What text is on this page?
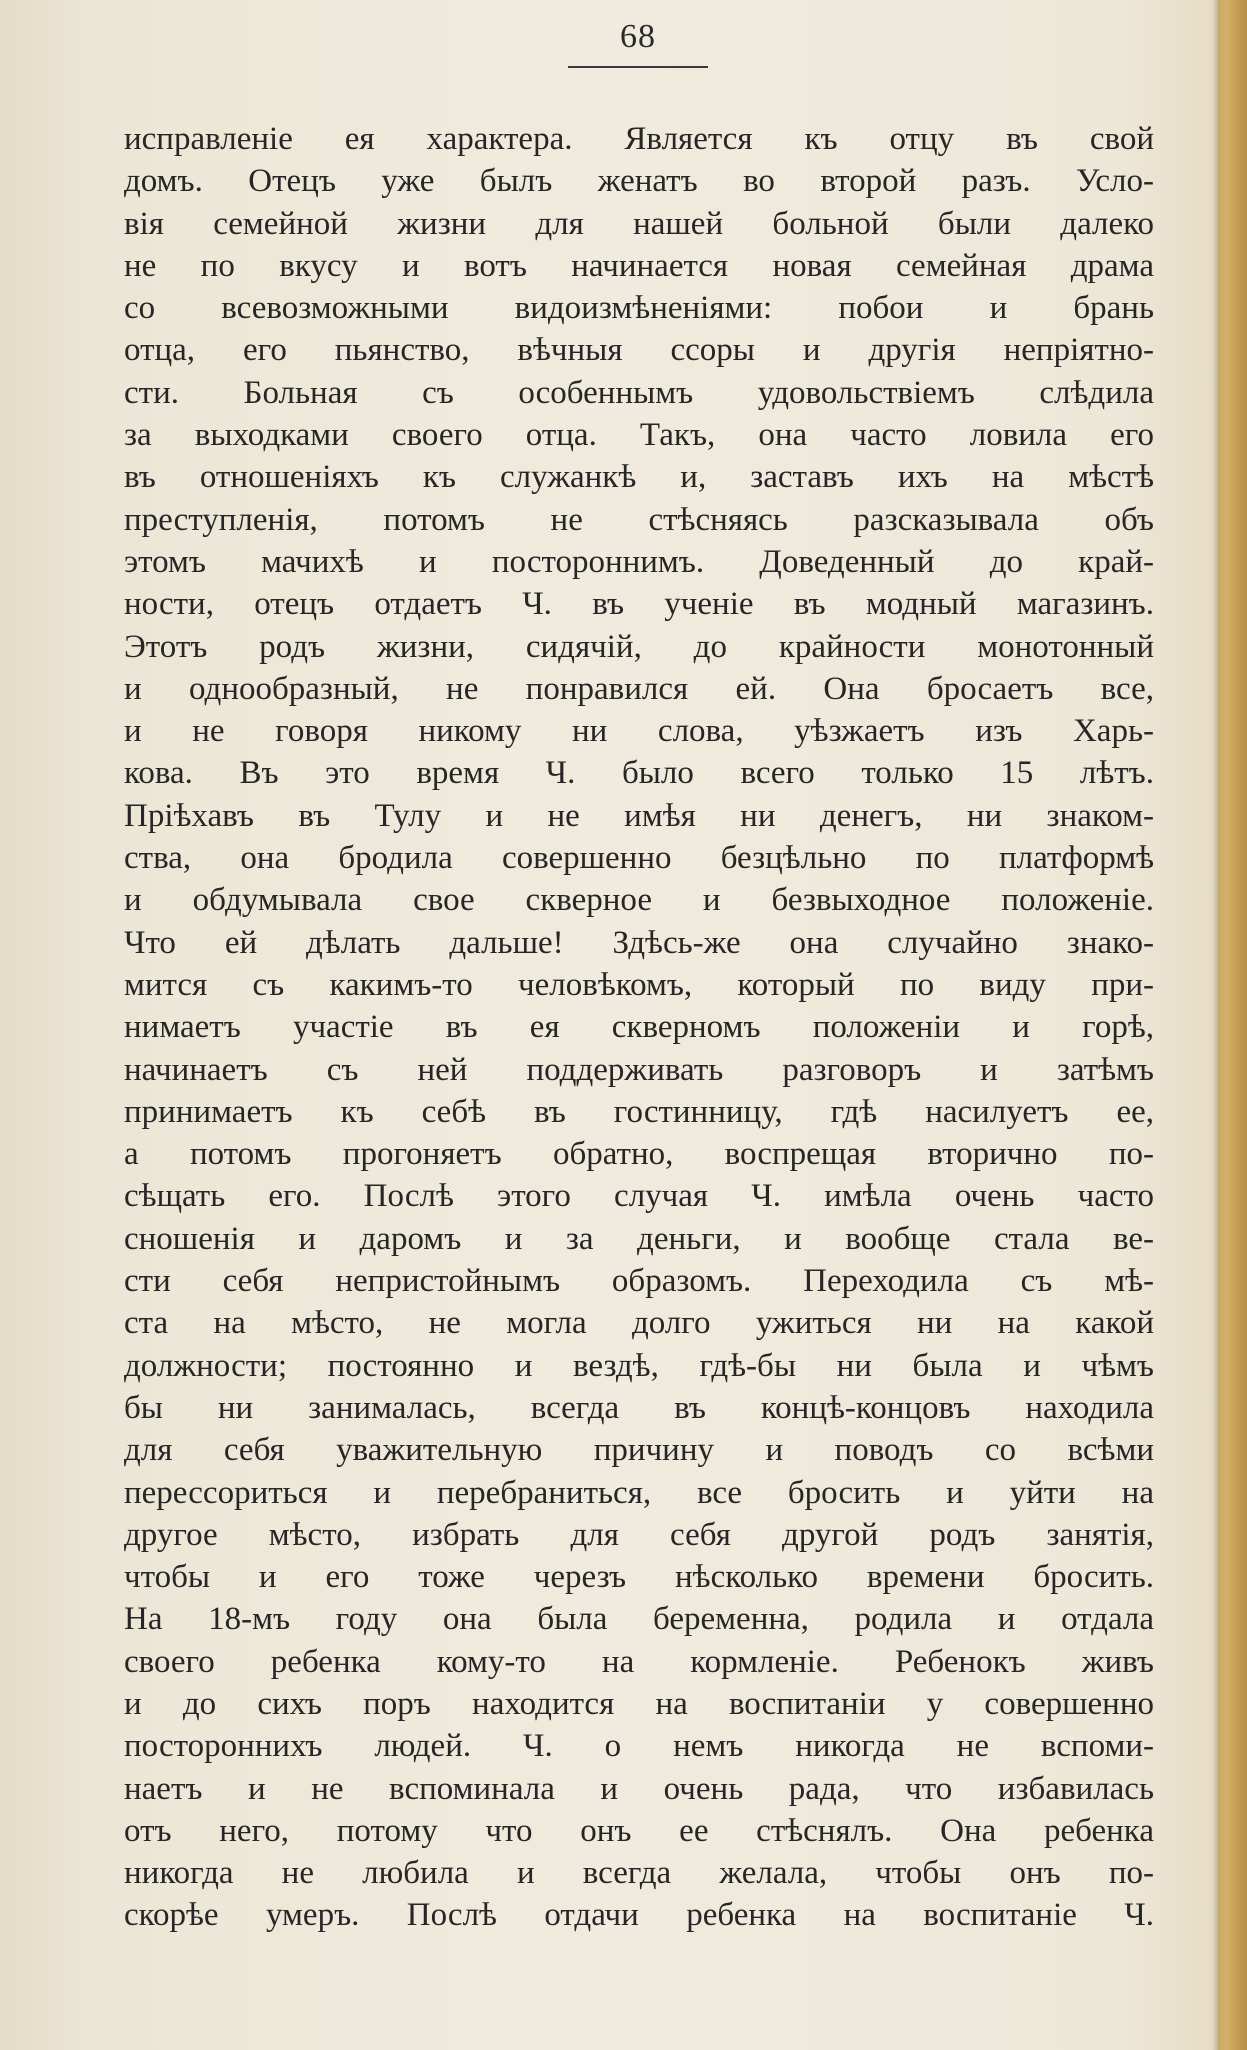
68
исправленіе ея характера. Является къ отцу въ свой
домъ. Отецъ уже былъ женатъ во второй разъ. Усло-
вія семейной жизни для нашей больной были далеко
не по вкусу и вотъ начинается новая семейная драма
со всевозможными видоизмѣненіями: побои и брань
отца, его пьянство, вѣчныя ссоры и другія непріятно-
сти. Больная съ особеннымъ удовольствіемъ слѣдила
за выходками своего отца. Такъ, она часто ловила его
въ отношеніяхъ къ служанкѣ и, заставъ ихъ на мѣстѣ
преступленія, потомъ не стѣсняясь разсказывала объ
этомъ мачихѣ и постороннимъ. Доведенный до край-
ности, отецъ отдаетъ Ч. въ ученіе въ модный магазинъ.
Этотъ родъ жизни, сидячій, до крайности монотонный
и однообразный, не понравился ей. Она бросаетъ все,
и не говоря никому ни слова, уѣзжаетъ изъ Харь-
кова. Въ это время Ч. было всего только 15 лѣтъ.
Пріѣхавъ въ Тулу и не имѣя ни денегъ, ни знаком-
ства, она бродила совершенно безцѣльно по платформѣ
и обдумывала свое скверное и безвыходное положеніе.
Что ей дѣлать дальше! Здѣсь-же она случайно знако-
мится съ какимъ-то человѣкомъ, который по виду при-
нимаетъ участіе въ ея скверномъ положеніи и горѣ,
начинаетъ съ ней поддерживать разговоръ и затѣмъ
принимаетъ къ себѣ въ гостинницу, гдѣ насилуетъ ее,
а потомъ прогоняетъ обратно, воспрещая вторично по-
сѣщать его. Послѣ этого случая Ч. имѣла очень часто
сношенія и даромъ и за деньги, и вообще стала ве-
сти себя непристойнымъ образомъ. Переходила съ мѣ-
ста на мѣсто, не могла долго ужиться ни на какой
должности; постоянно и вездѣ, гдѣ-бы ни была и чѣмъ
бы ни занималась, всегда въ концѣ-концовъ находила
для себя уважительную причину и поводъ со всѣми
перессориться и перебраниться, все бросить и уйти на
другое мѣсто, избрать для себя другой родъ занятія,
чтобы и его тоже черезъ нѣсколько времени бросить.
На 18-мъ году она была беременна, родила и отдала
своего ребенка кому-то на кормленіе. Ребенокъ живъ
и до сихъ поръ находится на воспитаніи у совершенно
постороннихъ людей. Ч. о немъ никогда не вспоми-
наетъ и не вспоминала и очень рада, что избавилась
отъ него, потому что онъ ее стѣснялъ. Она ребенка
никогда не любила и всегда желала, чтобы онъ по-
скорѣе умеръ. Послѣ отдачи ребенка на воспитаніе Ч.
